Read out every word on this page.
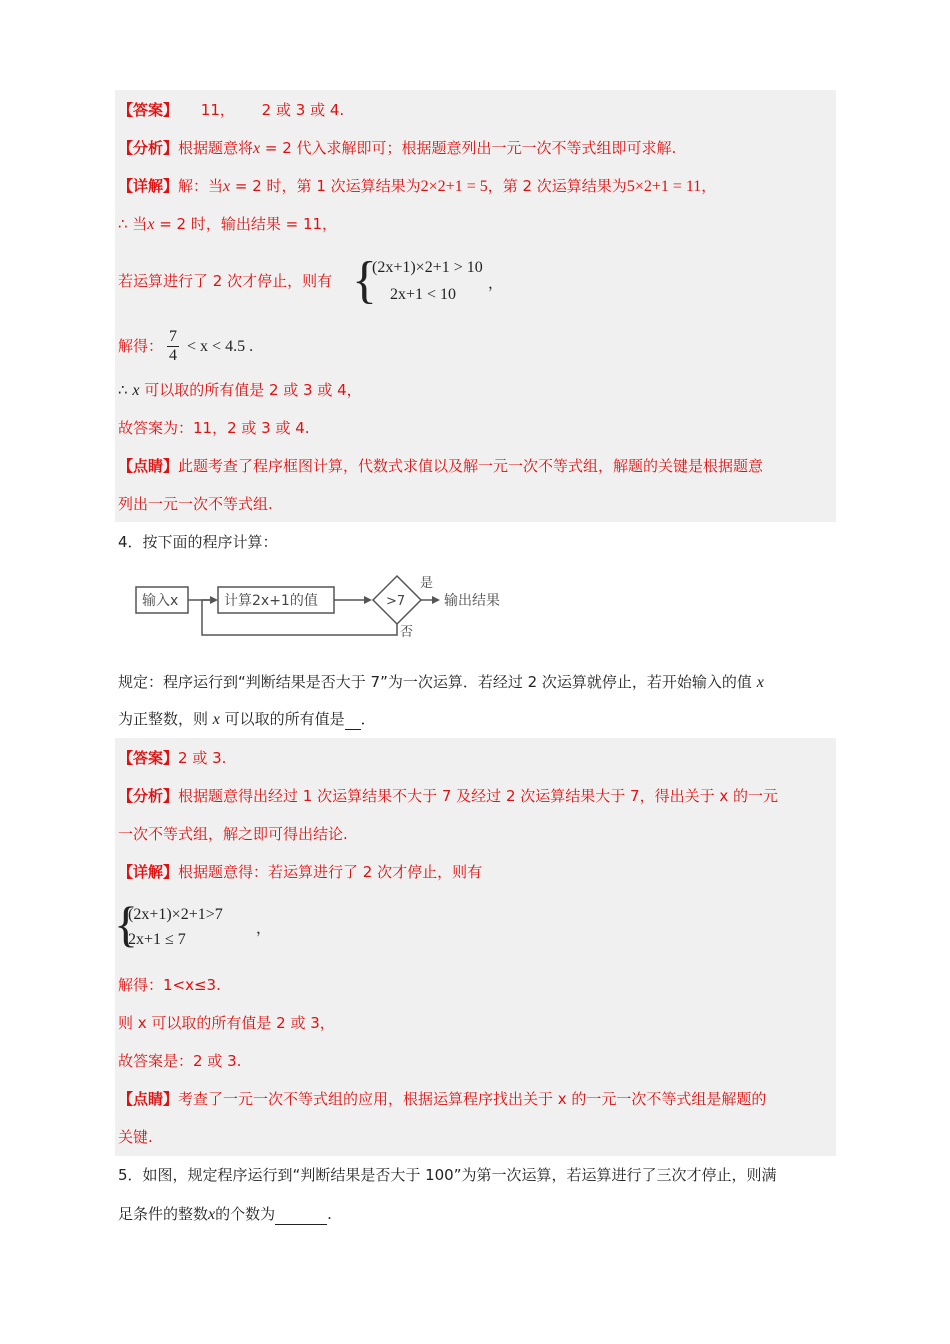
【答案】 11， 2 或 3 或 4.
【分析】根据题意将x = 2 代入求解即可；根据题意列出一元一次不等式组即可求解.
【详解】解：当x = 2 时，第 1 次运算结果为2×2+1 = 5，第 2 次运算结果为5×2+1 = 11，
∴ 当x = 2 时，输出结果 = 11，
若运算进行了 2 次才停止，则有 {
(2x+1)×2+1 > 10
2x+1 < 10
，
解得： $\frac{7}{4} < x < 4.5$ .
∴ x 可以取的所有值是 2 或 3 或 4，
故答案为：11，2 或 3 或 4.
【点睛】此题考查了程序框图计算，代数式求值以及解一元一次不等式组，解题的关键是根据题意
列出一元一次不等式组.
4．按下面的程序计算：
输入x	计算2x+1的值	>7
是
否
输出结果
规定：程序运行到“判断结果是否大于 7”为一次运算．若经过 2 次运算就停止，若开始输入的值 x
为正整数，则 x 可以取的所有值是 ．
【答案】2 或 3.
【分析】根据题意得出经过 1 次运算结果不大于 7 及经过 2 次运算结果大于 7，得出关于 x 的一元
一次不等式组，解之即可得出结论.
【详解】根据题意得：若运算进行了 2 次才停止，则有
{
(2x+1)×2+1>7
2x+1 ≤ 7
，
解得：1<x≤3.
则 x 可以取的所有值是 2 或 3，
故答案是：2 或 3.
【点睛】考查了一元一次不等式组的应用，根据运算程序找出关于 x 的一元一次不等式组是解题的
关键.
5．如图，规定程序运行到“判断结果是否大于 100”为第一次运算，若运算进行了三次才停止，则满
足条件的整数x的个数为	.
